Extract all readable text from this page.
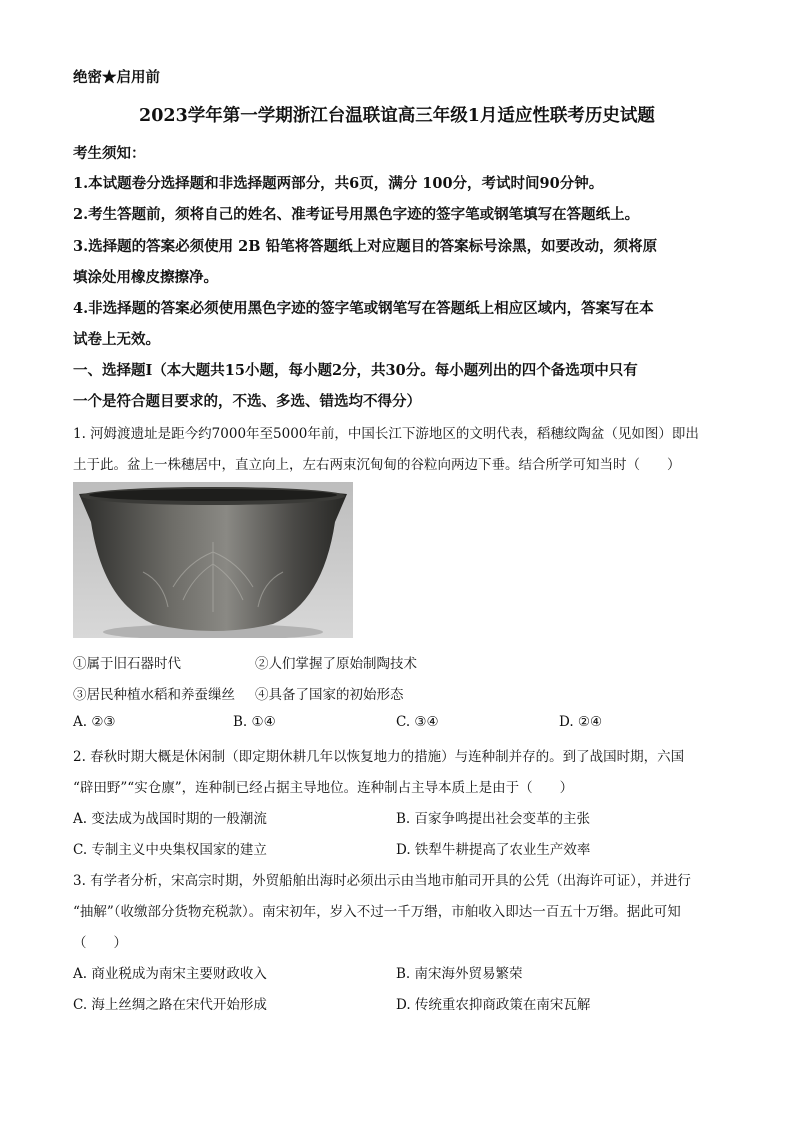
绝密★启用前
2023学年第一学期浙江台温联谊高三年级1月适应性联考历史试题
考生须知：
1.本试题卷分选择题和非选择题两部分，共6页，满分 100分，考试时间90分钟。
2.考生答题前，须将自己的姓名、准考证号用黑色字迹的签字笔或钢笔填写在答题纸上。
3.选择题的答案必须使用 2B 铅笔将答题纸上对应题目的答案标号涂黑，如要改动，须将原
填涂处用橡皮擦擦净。
4.非选择题的答案必须使用黑色字迹的签字笔或钢笔写在答题纸上相应区域内，答案写在本
试卷上无效。
一、选择题Ⅰ（本大题共15小题，每小题2分，共30分。每小题列出的四个备选项中只有
一个是符合题目要求的，不选、多选、错选均不得分）
1. 河姆渡遗址是距今约7000年至5000年前，中国长江下游地区的文明代表，稻穗纹陶盆（见如图）即出
土于此。盆上一株穗居中，直立向上，左右两束沉甸甸的谷粒向两边下垂。结合所学可知当时（　　）
①属于旧石器时代	②人们掌握了原始制陶技术
③居民种植水稻和养蚕缫丝 ④具备了国家的初始形态
A. ②③	B. ①④	C. ③④	D. ②④
2. 春秋时期大概是休闲制（即定期休耕几年以恢复地力的措施）与连种制并存的。到了战国时期，六国
“辟田野”“实仓廪”，连种制已经占据主导地位。连种制占主导本质上是由于（　　）
A. 变法成为战国时期的一般潮流	B. 百家争鸣提出社会变革的主张
C. 专制主义中央集权国家的建立	D. 铁犁牛耕提高了农业生产效率
3. 有学者分析，宋高宗时期，外贸船舶出海时必须出示由当地市舶司开具的公凭（出海许可证），并进行
“抽解”（收缴部分货物充税款）。南宋初年，岁入不过一千万缗，市舶收入即达一百五十万缗。据此可知
（　　）
A. 商业税成为南宋主要财政收入	B. 南宋海外贸易繁荣
C. 海上丝绸之路在宋代开始形成	D. 传统重农抑商政策在南宋瓦解
